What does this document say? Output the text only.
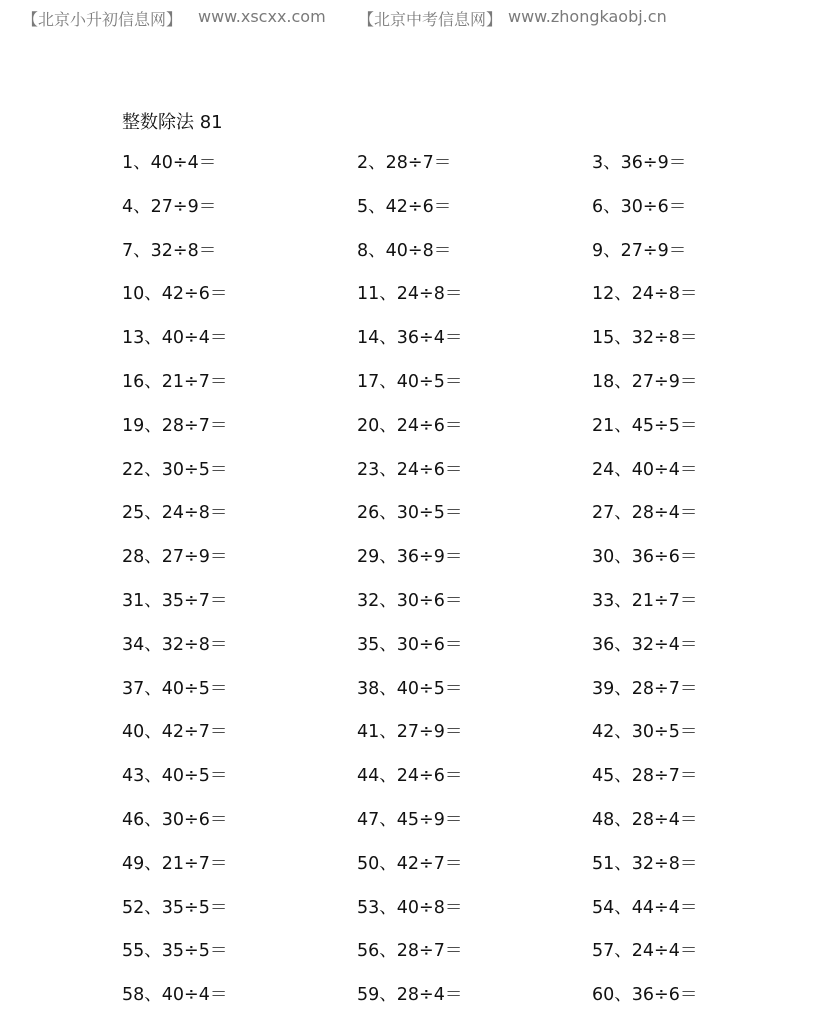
【北京小升初信息网】 www.xscxx.com 【北京中考信息网】 www.zhongkaobj.cn
整数除法 81
1、40÷4＝	2、28÷7＝	3、36÷9＝
4、27÷9＝	5、42÷6＝	6、30÷6＝
7、32÷8＝	8、40÷8＝	9、27÷9＝
10、42÷6＝	11、24÷8＝	12、24÷8＝
13、40÷4＝	14、36÷4＝	15、32÷8＝
16、21÷7＝	17、40÷5＝	18、27÷9＝
19、28÷7＝	20、24÷6＝	21、45÷5＝
22、30÷5＝	23、24÷6＝	24、40÷4＝
25、24÷8＝	26、30÷5＝	27、28÷4＝
28、27÷9＝	29、36÷9＝	30、36÷6＝
31、35÷7＝	32、30÷6＝	33、21÷7＝
34、32÷8＝	35、30÷6＝	36、32÷4＝
37、40÷5＝	38、40÷5＝	39、28÷7＝
40、42÷7＝	41、27÷9＝	42、30÷5＝
43、40÷5＝	44、24÷6＝	45、28÷7＝
46、30÷6＝	47、45÷9＝	48、28÷4＝
49、21÷7＝	50、42÷7＝	51、32÷8＝
52、35÷5＝	53、40÷8＝	54、44÷4＝
55、35÷5＝	56、28÷7＝	57、24÷4＝
58、40÷4＝	59、28÷4＝	60、36÷6＝
